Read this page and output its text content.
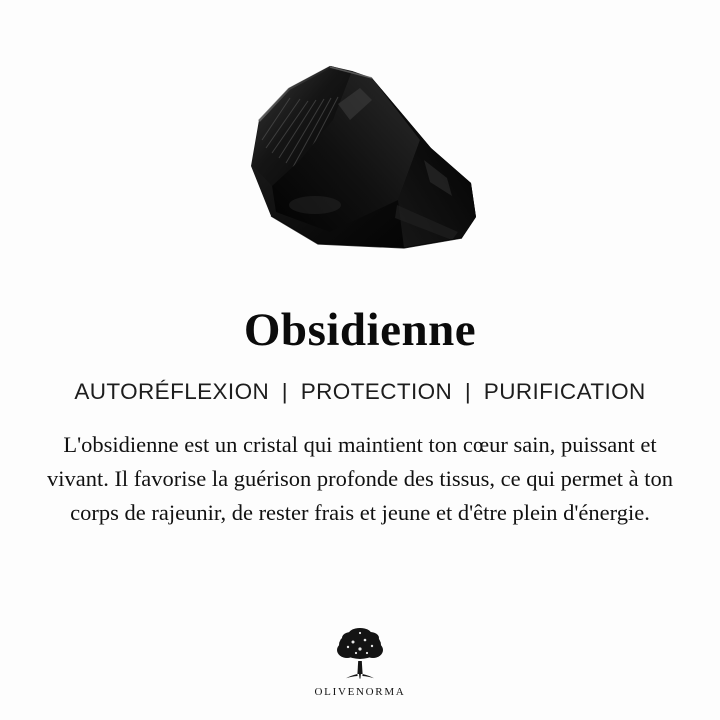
Obsidienne
AUTORÉFLEXION | PROTECTION | PURIFICATION

L'obsidienne est un cristal qui maintient ton cœur sain, puissant et vivant. Il favorise la guérison profonde des tissus, ce qui permet à ton corps de rajeunir, de rester frais et jeune et d'être plein d'énergie.

OLIVENORMA
